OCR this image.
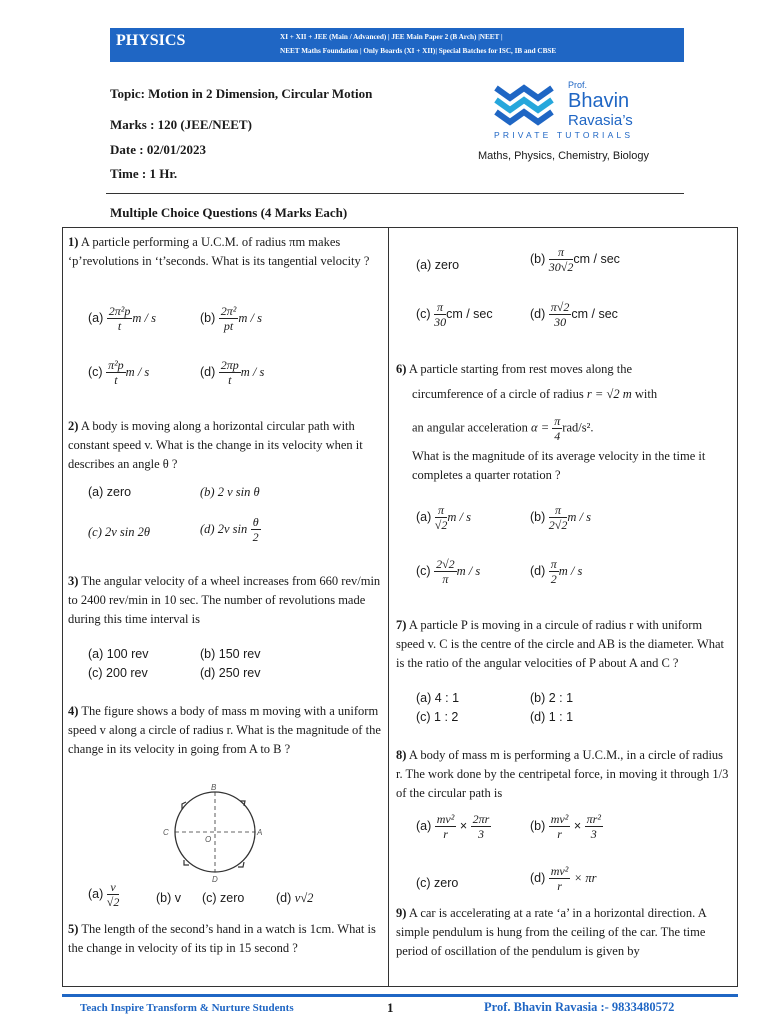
PHYSICS	XI + XII + JEE (Main / Advanced) | JEE Main Paper 2 (B Arch) |NEET |
NEET Maths Foundation | Only Boards (XI + XII)| Special Batches for ISC, IB and CBSE
Topic: Motion in 2 Dimension, Circular Motion
Marks : 120 (JEE/NEET)
Date : 02/01/2023
Time : 1 Hr.
Prof.
Bhavin
Ravasia’s
PRIVATE TUTORIALS
Maths, Physics, Chemistry, Biology
Multiple Choice Questions (4 Marks Each)
1) A particle performing a U.C.M. of radius πm makes ‘p’revolutions in ‘t’seconds. What is its tangential velocity ?
$(a) \frac{\text{2π²p}}{t}$ m / s	$(b) \frac{\text{2π²}}{pt}$ m / s
$(c) \frac{\text{π²p}}{t}$ m / s	$(d) \frac{2\pi p}{t}$ m / s
2) A body is moving along a horizontal circular path with constant speed v. What is the change in its velocity when it describes an angle θ ?
(a) zero	(b) 2 v sin θ
(c) 2v sin 2θ	(d) 2v $\sin \frac{\theta}{2}$
3) The angular velocity of a wheel increases from 660 rev/min to 2400 rev/min in 10 sec. The number of revolutions made during this time interval is
(a) 100 rev	(b) 150 rev
(c) 200 rev	(d) 250 rev
4) The figure shows a body of mass m moving with a uniform speed v along a circle of radius r. What is the magnitude of the change in its velocity in going from A to B ?
B
A
C
D
O
$(a) \frac{v}{√2}$	(b) v (c) zero	(d) v√2
5) The length of the second’s hand in a watch is 1cm. What is the change in velocity of its tip in 15 second ?
(a) zero	$(b) \frac{\pi}{30√2}$ cm / sec
$(c) \frac{\pi}{30}$ cm / sec	$(d) \frac{\pi√2}{30}$ cm / sec
6) A particle starting from rest moves along the
circumference of a circle of radius r = √2 m with
an angular acceleration $\alpha = \frac{\pi}{4} rad/s^2$.
What is the magnitude of its average velocity in the time it completes a quarter rotation ?
$(a) \frac{\pi}{√2}$ m / s	$(b) \frac{\pi}{2√2}$ m / s
$(c) \frac{2√2}{\pi}$ m / s	$(d) \frac{\pi}{2}$ m / s
7) A particle P is moving in a circule of radius r with uniform speed v. C is the centre of the circle and AB is the diameter. What is the ratio of the angular velocities of P about A and C ?
(a) 4 : 1	(b) 2 : 1
(c) 1 : 2	(d) 1 : 1
8) A body of mass m is performing a U.C.M., in a circle of radius r. The work done by the centripetal force, in moving it through 1/3 of the circular path is
$(a) \frac{\text{mv²}}{r} \times \frac{2\pi r}{3}$	$(b) \frac{\text{mv²}}{r} \times \frac{\text{πr²}}{3}$
(c) zero	$(d) \frac{\text{mv²}}{r} \times \pi r$
9) A car is accelerating at a rate ‘a’ in a horizontal direction. A simple pendulum is hung from the ceiling of the car. The time period of oscillation of the pendulum is given by
Teach Inspire Transform & Nurture Students	1	Prof. Bhavin Ravasia :- 9833480572
